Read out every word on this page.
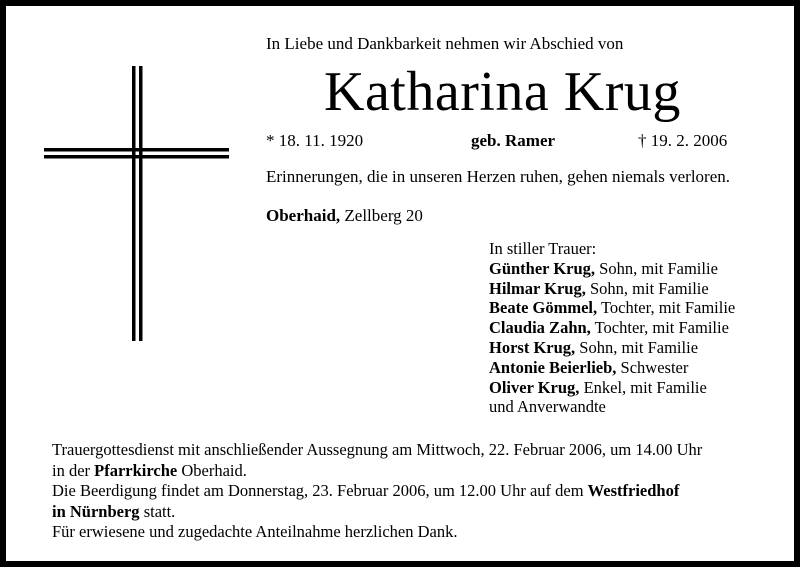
In Liebe und Dankbarkeit nehmen wir Abschied von
Katharina Krug
* 18. 11. 1920	geb. Ramer	† 19. 2. 2006
Erinnerungen, die in unseren Herzen ruhen, gehen niemals verloren.
Oberhaid, Zellberg 20
In stiller Trauer:
Günther Krug, Sohn, mit Familie
Hilmar Krug, Sohn, mit Familie
Beate Gömmel, Tochter, mit Familie
Claudia Zahn, Tochter, mit Familie
Horst Krug, Sohn, mit Familie
Antonie Beierlieb, Schwester
Oliver Krug, Enkel, mit Familie
und Anverwandte
Trauergottesdienst mit anschließender Aussegnung am Mittwoch, 22. Februar 2006, um 14.00 Uhr
in der Pfarrkirche Oberhaid.
Die Beerdigung findet am Donnerstag, 23. Februar 2006, um 12.00 Uhr auf dem Westfriedhof
in Nürnberg statt.
Für erwiesene und zugedachte Anteilnahme herzlichen Dank.
